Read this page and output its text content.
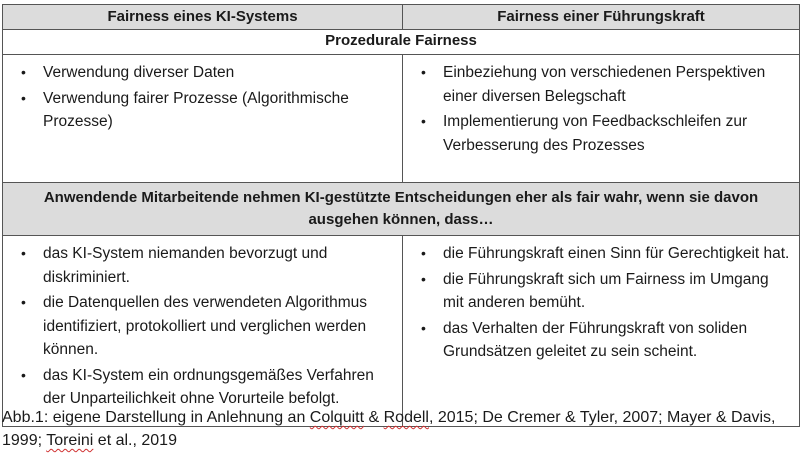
Fairness eines KI-Systems	Fairness einer Führungskraft
Prozedurale Fairness
• Verwendung diverser Daten
• Verwendung fairer Prozesse (Algorithmische Prozesse)
• Einbeziehung von verschiedenen Perspektiven einer diversen Belegschaft
• Implementierung von Feedbackschleifen zur Verbesserung des Prozesses
Anwendende Mitarbeitende nehmen KI-gestützte Entscheidungen eher als fair wahr, wenn sie davon ausgehen können, dass…
• das KI-System niemanden bevorzugt und diskriminiert.
• die Datenquellen des verwendeten Algorithmus identifiziert, protokolliert und verglichen werden können.
• das KI-System ein ordnungsgemäßes Verfahren der Unparteilichkeit ohne Vorurteile befolgt.
• die Führungskraft einen Sinn für Gerechtigkeit hat.
• die Führungskraft sich um Fairness im Umgang mit anderen bemüht.
• das Verhalten der Führungskraft von soliden Grundsätzen geleitet zu sein scheint.
Abb.1: eigene Darstellung in Anlehnung an Colquitt & Rodell, 2015; De Cremer & Tyler, 2007; Mayer & Davis, 1999; Toreini et al., 2019
